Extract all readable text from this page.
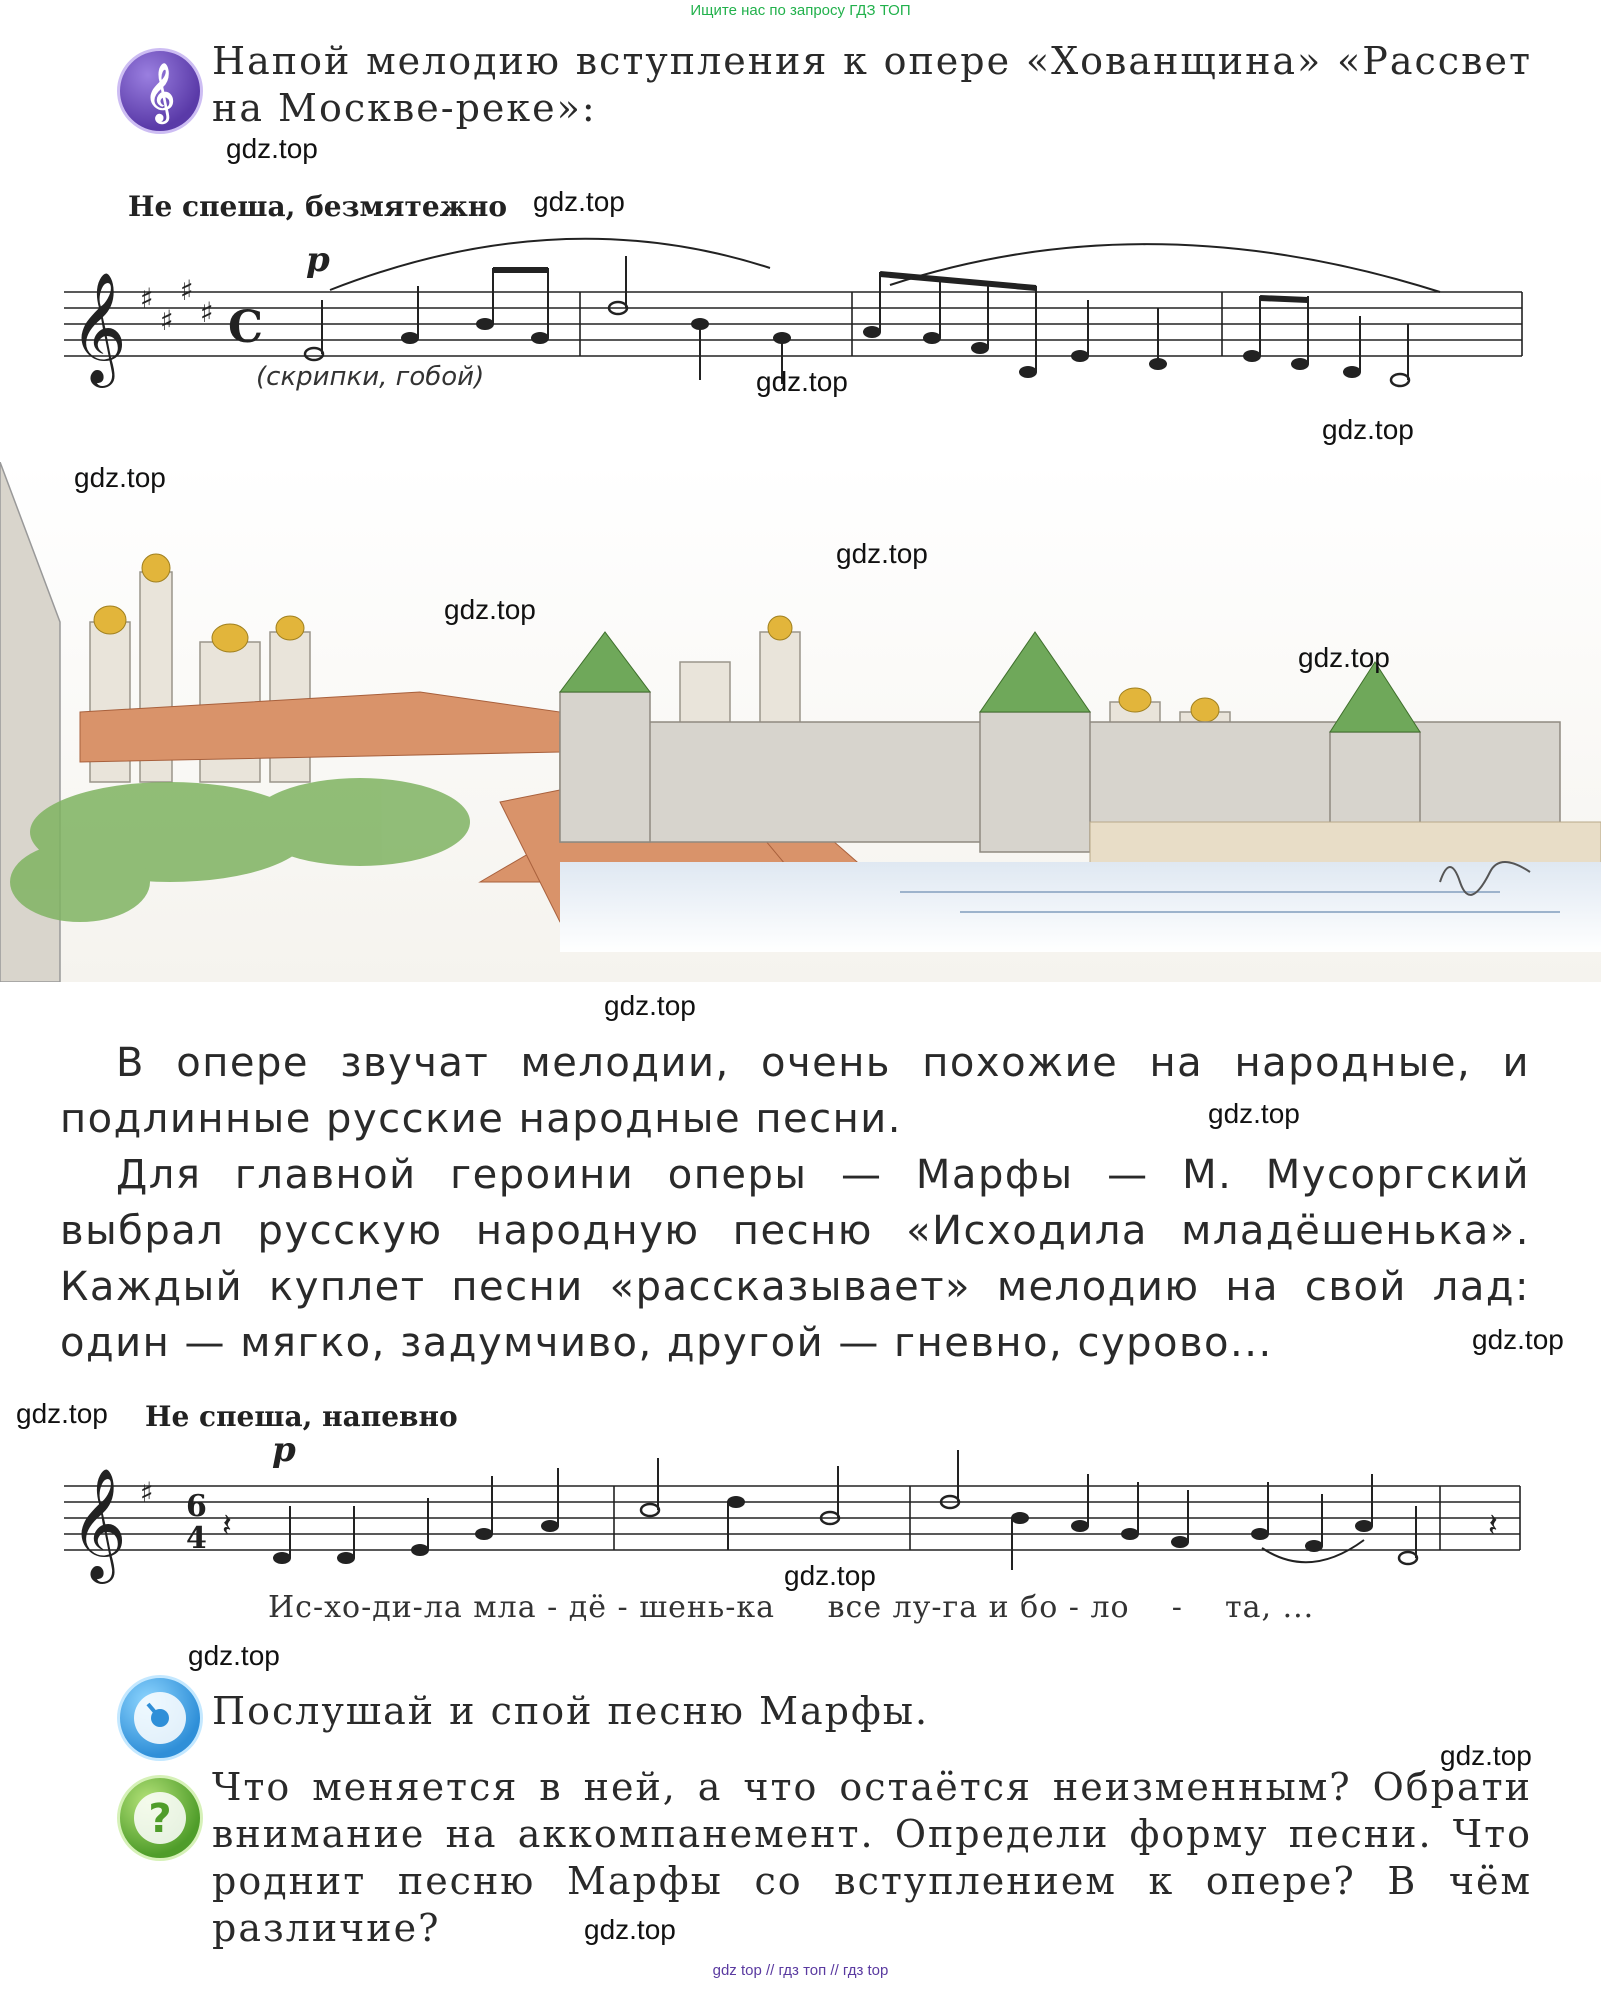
Ищите нас по запросу ГДЗ ТОП
gdz top // гдз топ // гдз top
𝄞
Напой мелодию вступления к опере «Хованщина» «Рассвет на Москве-реке»:
Не спеша, безмятежно
p
(скрипки, гобой)
𝄞 ♯
♯
♯
♯ C

В опере звучат мелодии, очень похожие на народные, и подлинные русские народные песни.

Для главной героини оперы — Марфы — М. Мусоргский выбрал русскую народную песню «Исходила младёшенька». Каждый куплет песни «рассказывает» мелодию на свой лад: один — мягко, задумчиво, другой — гневно, сурово...

Не спеша, напевно
p
𝄞 ♯ 6
4 𝄽	𝄽
Ис-хо-ди-ла мла - дё - шень-ка     все лу-га и бо - ло    -    та, ...
Послушай и спой песню Марфы.
?
Что меняется в ней, а что остаётся неизменным? Обрати внимание на аккомпанемент. Определи форму песни. Что роднит песню Марфы со вступлением к опере? В чём различие?
gdz.top
gdz.top
gdz.top
gdz.top
gdz.top
gdz.top
gdz.top
gdz.top
gdz.top
gdz.top
gdz.top
gdz.top
gdz.top
gdz.top
gdz.top
gdz.top
